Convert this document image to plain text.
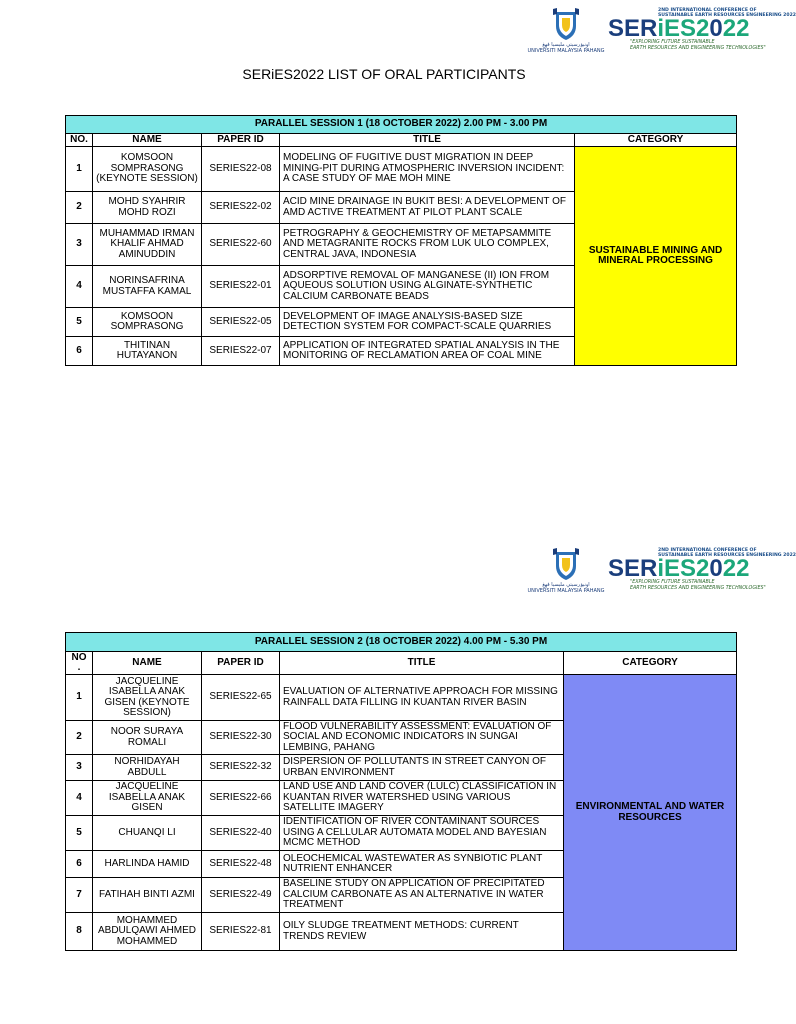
اونيۏرسيتي مليسيا ڤهڠ
UNIVERSITI MALAYSIA PAHANG
2ND INTERNATIONAL CONFERENCE OF
SUSTAINABLE EARTH RESOURCES ENGINEERING 2022
SERiES2022
"EXPLORING FUTURE SUSTAINABLE
EARTH RESOURCES AND ENGINEERING TECHNOLOGIES"
SERiES2022 LIST OF ORAL PARTICIPANTS
PARALLEL SESSION 1 (18 OCTOBER 2022) 2.00 PM - 3.00 PM				
NO.	NAME	PAPER ID	TITLE	CATEGORY
1	KOMSOON SOMPRASONG (KEYNOTE SESSION)	SERIES22-08	MODELING OF FUGITIVE DUST MIGRATION IN DEEP MINING-PIT DURING ATMOSPHERIC INVERSION INCIDENT: A CASE STUDY OF MAE MOH MINE	SUSTAINABLE MINING AND MINERAL PROCESSING
2	MOHD SYAHRIR MOHD ROZI	SERIES22-02	ACID MINE DRAINAGE IN BUKIT BESI: A DEVELOPMENT OF AMD ACTIVE TREATMENT AT PILOT PLANT SCALE	
3	MUHAMMAD IRMAN KHALIF AHMAD AMINUDDIN	SERIES22-60	PETROGRAPHY & GEOCHEMISTRY OF METAPSAMMITE AND METAGRANITE ROCKS FROM LUK ULO COMPLEX, CENTRAL JAVA, INDONESIA	
4	NORINSAFRINA MUSTAFFA KAMAL	SERIES22-01	ADSORPTIVE REMOVAL OF MANGANESE (II) ION FROM AQUEOUS SOLUTION USING ALGINATE-SYNTHETIC CALCIUM CARBONATE BEADS	
5	KOMSOON SOMPRASONG	SERIES22-05	DEVELOPMENT OF IMAGE ANALYSIS-BASED SIZE DETECTION SYSTEM FOR COMPACT-SCALE QUARRIES	
6	THITINAN HUTAYANON	SERIES22-07	APPLICATION OF INTEGRATED SPATIAL ANALYSIS IN THE MONITORING OF RECLAMATION AREA OF COAL MINE	
اونيۏرسيتي مليسيا ڤهڠ
UNIVERSITI MALAYSIA PAHANG
2ND INTERNATIONAL CONFERENCE OF
SUSTAINABLE EARTH RESOURCES ENGINEERING 2022
SERiES2022
"EXPLORING FUTURE SUSTAINABLE
EARTH RESOURCES AND ENGINEERING TECHNOLOGIES"
PARALLEL SESSION 2 (18 OCTOBER 2022) 4.00 PM - 5.30 PM				
NO
.	NAME	PAPER ID	TITLE	CATEGORY
1	JACQUELINE ISABELLA ANAK GISEN (KEYNOTE SESSION)	SERIES22-65	EVALUATION OF ALTERNATIVE APPROACH FOR MISSING RAINFALL DATA FILLING IN KUANTAN RIVER BASIN	ENVIRONMENTAL AND WATER RESOURCES
2	NOOR SURAYA ROMALI	SERIES22-30	FLOOD VULNERABILITY ASSESSMENT: EVALUATION OF SOCIAL AND ECONOMIC INDICATORS IN SUNGAI LEMBING, PAHANG	
3	NORHIDAYAH ABDULL	SERIES22-32	DISPERSION OF POLLUTANTS IN STREET CANYON OF URBAN ENVIRONMENT	
4	JACQUELINE ISABELLA ANAK GISEN	SERIES22-66	LAND USE AND LAND COVER (LULC) CLASSIFICATION IN KUANTAN RIVER WATERSHED USING VARIOUS SATELLITE IMAGERY	
5	CHUANQI LI	SERIES22-40	IDENTIFICATION OF RIVER CONTAMINANT SOURCES USING A CELLULAR AUTOMATA MODEL AND BAYESIAN MCMC METHOD	
6	HARLINDA HAMID	SERIES22-48	OLEOCHEMICAL WASTEWATER AS SYNBIOTIC PLANT NUTRIENT ENHANCER	
7	FATIHAH BINTI AZMI	SERIES22-49	BASELINE STUDY ON APPLICATION OF PRECIPITATED CALCIUM CARBONATE AS AN ALTERNATIVE IN WATER TREATMENT	
8	MOHAMMED ABDULQAWI AHMED MOHAMMED	SERIES22-81	OILY SLUDGE TREATMENT METHODS: CURRENT TRENDS REVIEW	
